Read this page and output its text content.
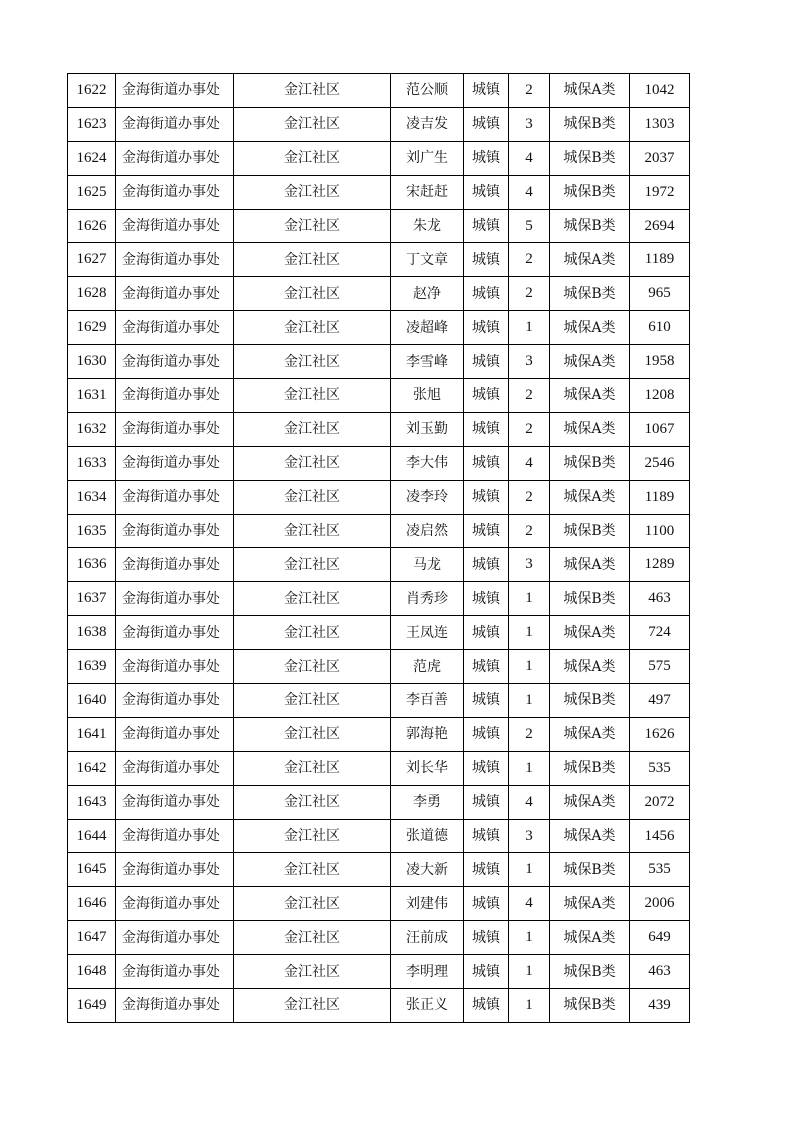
1622	金海街道办事处	金江社区	范公顺	城镇	2	城保A类	1042
1623	金海街道办事处	金江社区	凌吉发	城镇	3	城保B类	1303
1624	金海街道办事处	金江社区	刘广生	城镇	4	城保B类	2037
1625	金海街道办事处	金江社区	宋赶赶	城镇	4	城保B类	1972
1626	金海街道办事处	金江社区	朱龙	城镇	5	城保B类	2694
1627	金海街道办事处	金江社区	丁文章	城镇	2	城保A类	1189
1628	金海街道办事处	金江社区	赵净	城镇	2	城保B类	965
1629	金海街道办事处	金江社区	凌超峰	城镇	1	城保A类	610
1630	金海街道办事处	金江社区	李雪峰	城镇	3	城保A类	1958
1631	金海街道办事处	金江社区	张旭	城镇	2	城保A类	1208
1632	金海街道办事处	金江社区	刘玉勤	城镇	2	城保A类	1067
1633	金海街道办事处	金江社区	李大伟	城镇	4	城保B类	2546
1634	金海街道办事处	金江社区	凌李玲	城镇	2	城保A类	1189
1635	金海街道办事处	金江社区	凌启然	城镇	2	城保B类	1100
1636	金海街道办事处	金江社区	马龙	城镇	3	城保A类	1289
1637	金海街道办事处	金江社区	肖秀珍	城镇	1	城保B类	463
1638	金海街道办事处	金江社区	王凤连	城镇	1	城保A类	724
1639	金海街道办事处	金江社区	范虎	城镇	1	城保A类	575
1640	金海街道办事处	金江社区	李百善	城镇	1	城保B类	497
1641	金海街道办事处	金江社区	郭海艳	城镇	2	城保A类	1626
1642	金海街道办事处	金江社区	刘长华	城镇	1	城保B类	535
1643	金海街道办事处	金江社区	李勇	城镇	4	城保A类	2072
1644	金海街道办事处	金江社区	张道德	城镇	3	城保A类	1456
1645	金海街道办事处	金江社区	凌大新	城镇	1	城保B类	535
1646	金海街道办事处	金江社区	刘建伟	城镇	4	城保A类	2006
1647	金海街道办事处	金江社区	汪前成	城镇	1	城保A类	649
1648	金海街道办事处	金江社区	李明理	城镇	1	城保B类	463
1649	金海街道办事处	金江社区	张正义	城镇	1	城保B类	439
